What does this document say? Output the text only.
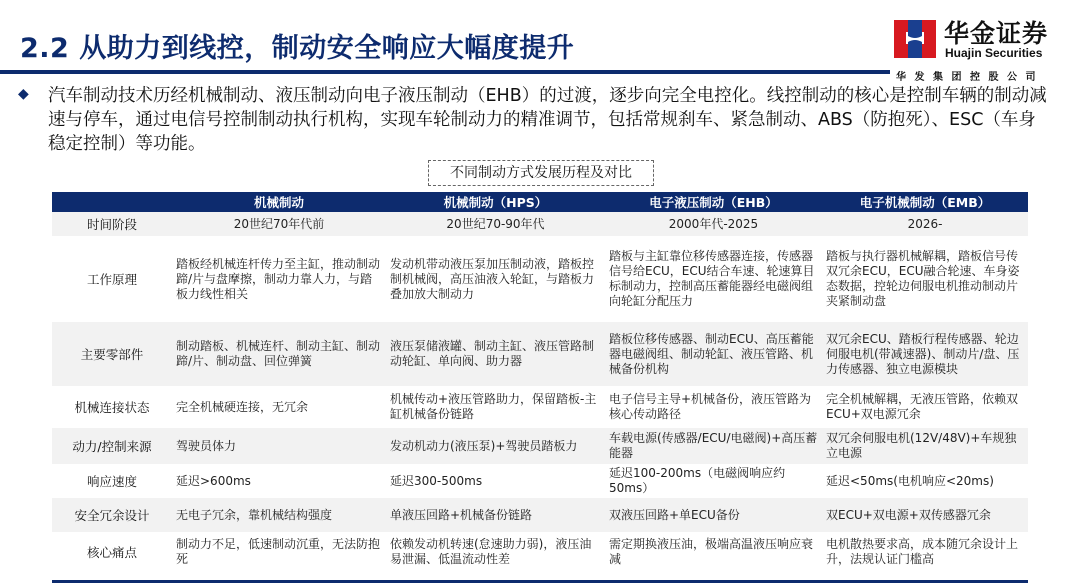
2.2 从助力到线控，制动安全响应大幅度提升	华金证券
Huajin Securities
华发集团控股公司
◆ 汽车制动技术历经机械制动、液压制动向电子液压制动（EHB）的过渡，逐步向完全电控化。线控制动的核心是控制车辆的制动减速与停车，通过电信号控制制动执行机构，实现车轮制动力的精准调节，包括常规刹车、紧急制动、ABS（防抱死）、ESC（车身稳定控制）等功能。
不同制动方式发展历程及对比
	机械制动	机械制动（HPS）	电子液压制动（EHB）	电子机械制动（EMB）
时间阶段	20世纪70年代前	20世纪70-90年代	2000年代-2025	2026-
工作原理	踏板经机械连杆传力至主缸，推动制动蹄/片与盘摩擦，制动力靠人力，与踏板力线性相关	发动机带动液压泵加压制动液，踏板控制机械阀，高压油液入轮缸，与踏板力叠加放大制动力	踏板与主缸靠位移传感器连接，传感器信号给ECU，ECU结合车速、轮速算目标制动力，控制高压蓄能器经电磁阀组向轮缸分配压力	踏板与执行器机械解耦，踏板信号传双冗余ECU，ECU融合轮速、车身姿态数据，控轮边伺服电机推动制动片夹紧制动盘
主要零部件	制动踏板、机械连杆、制动主缸、制动蹄/片、制动盘、回位弹簧	液压泵储液罐、制动主缸、液压管路制动轮缸、单向阀、助力器	踏板位移传感器、制动ECU、高压蓄能器电磁阀组、制动轮缸、液压管路、机械备份机构	双冗余ECU、踏板行程传感器、轮边伺服电机(带减速器)、制动片/盘、压力传感器、独立电源模块
机械连接状态	完全机械硬连接，无冗余	机械传动+液压管路助力，保留踏板-主缸机械备份链路	电子信号主导+机械备份，液压管路为核心传动路径	完全机械解耦，无液压管路，依赖双ECU+双电源冗余
动力/控制来源	驾驶员体力	发动机动力(液压泵)+驾驶员踏板力	车载电源(传感器/ECU/电磁阀)+高压蓄能器	双冗余伺服电机(12V/48V)+车规独立电源
响应速度	延迟>600ms	延迟300-500ms	延迟100-200ms（电磁阀响应约50ms）	延迟<50ms(电机响应<20ms)
安全冗余设计	无电子冗余，靠机械结构强度	单液压回路+机械备份链路	双液压回路+单ECU备份	双ECU+双电源+双传感器冗余
核心痛点	制动力不足，低速制动沉重，无法防抱死	依赖发动机转速(怠速助力弱)，液压油易泄漏、低温流动性差	需定期换液压油，极端高温液压响应衰减	电机散热要求高，成本随冗余设计上升，法规认证门槛高
